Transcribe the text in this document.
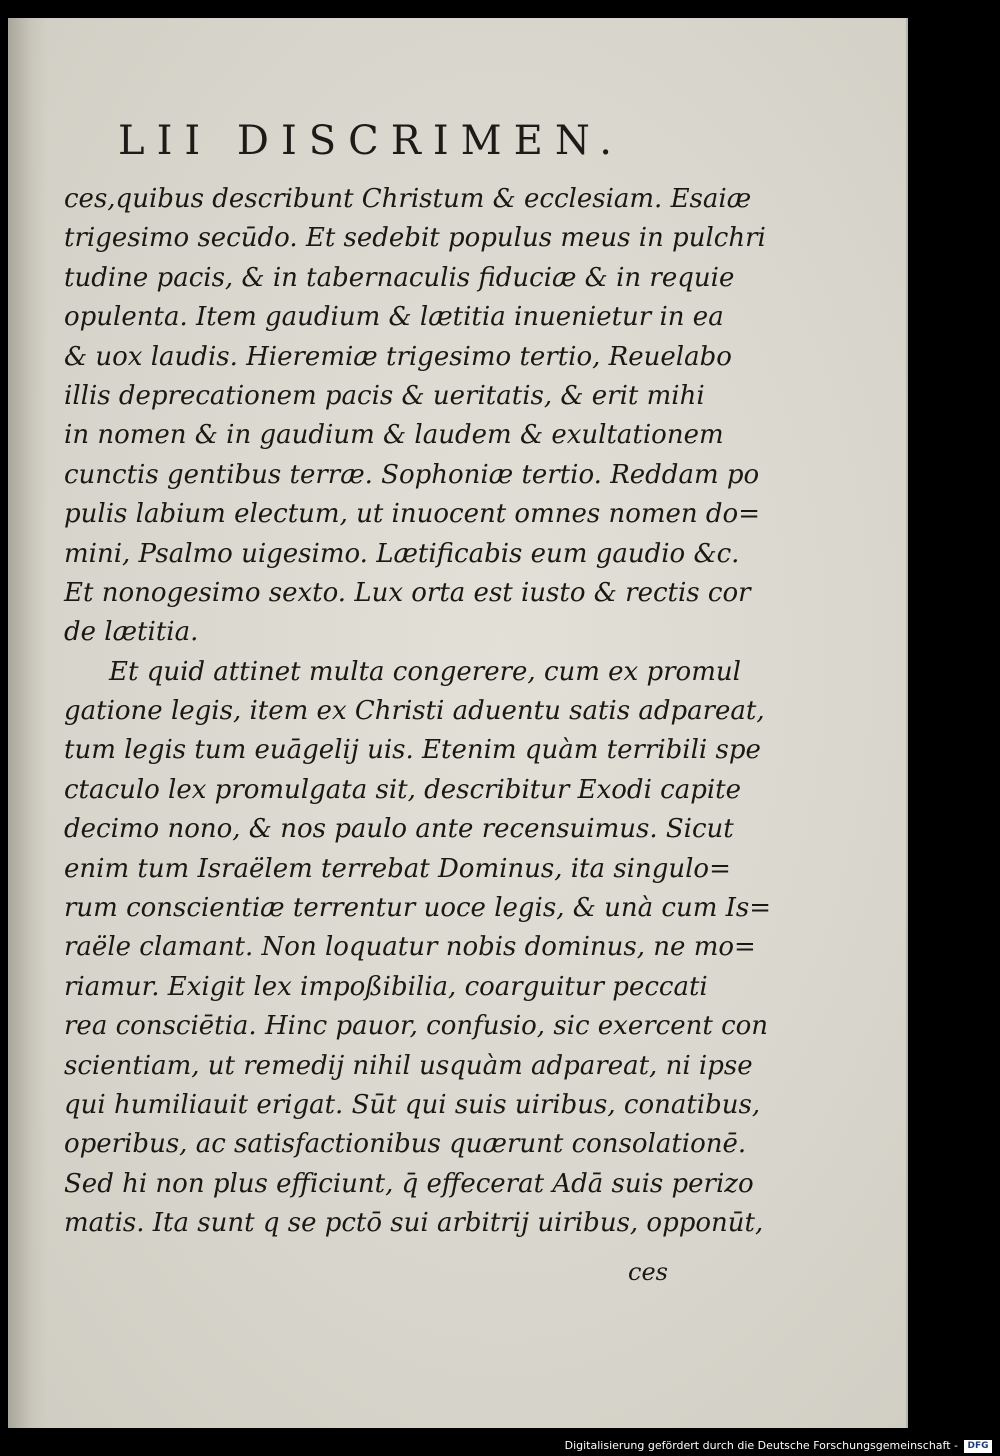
LII DISCRIMEN.
ces,quibus describunt Christum & ecclesiam. Esaiæ
trigesimo secūdo. Et sedebit populus meus in pulchri
tudine pacis, & in tabernaculis fiduciæ & in requie
opulenta. Item gaudium & lætitia inuenietur in ea
& uox laudis. Hieremiæ trigesimo tertio, Reuelabo
illis deprecationem pacis & ueritatis, & erit mihi
in nomen & in gaudium & laudem & exultationem
cunctis gentibus terræ. Sophoniæ tertio. Reddam po
pulis labium electum, ut inuocent omnes nomen do=
mini, Psalmo uigesimo. Lætificabis eum gaudio &c.
Et nonogesimo sexto. Lux orta est iusto & rectis cor
de lætitia.
Et quid attinet multa congerere, cum ex promul
gatione legis, item ex Christi aduentu satis adpareat,
tum legis tum euāgelij uis. Etenim quàm terribili spe
ctaculo lex promulgata sit, describitur Exodi capite
decimo nono, & nos paulo ante recensuimus. Sicut
enim tum Israëlem terrebat Dominus, ita singulo=
rum conscientiæ terrentur uoce legis, & unà cum Is=
raële clamant. Non loquatur nobis dominus, ne mo=
riamur. Exigit lex impoßibilia, coarguitur peccati
rea consciētia. Hinc pauor, confusio, sic exercent con
scientiam, ut remedij nihil usquàm adpareat, ni ipse
qui humiliauit erigat. Sūt qui suis uiribus, conatibus,
operibus, ac satisfactionibus quærunt consolationē.
Sed hi non plus efficiunt, q̄ effecerat Adā suis perizo
matis. Ita sunt q se pctō sui arbitrij uiribus, opponūt,
ces
Digitalisierung gefördert durch die Deutsche Forschungsgemeinschaft -	DFG
